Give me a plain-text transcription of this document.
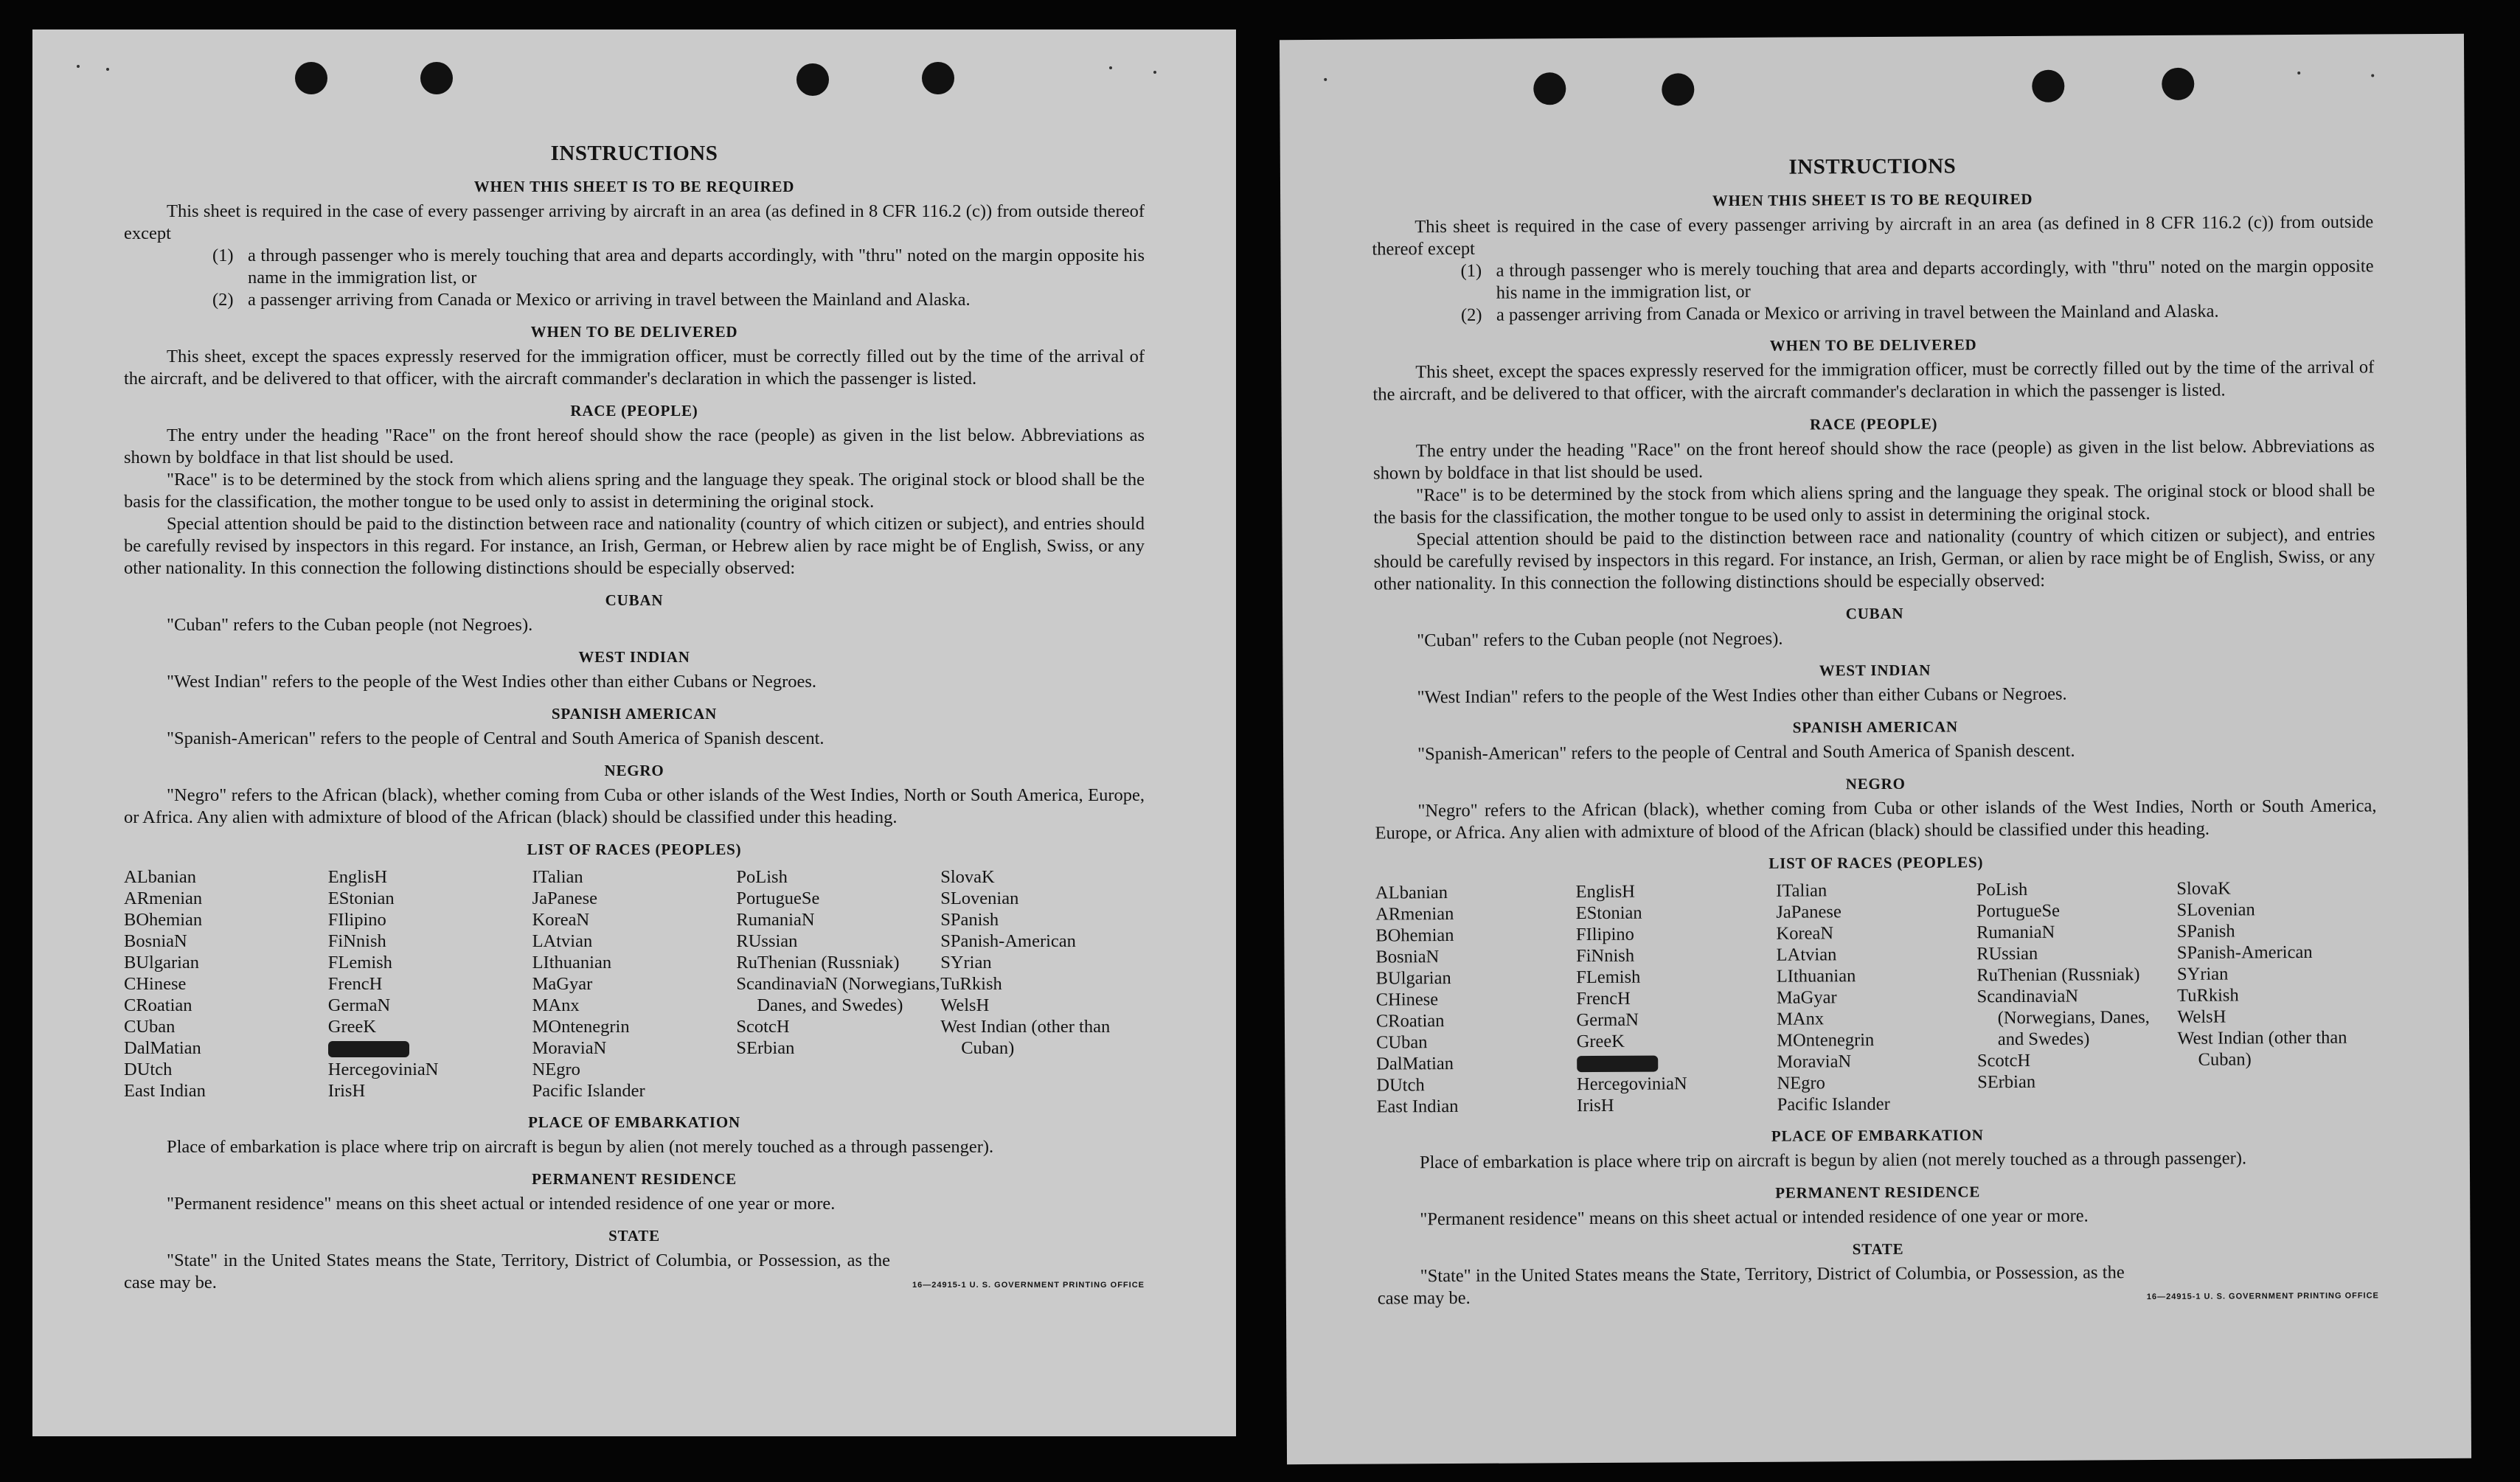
INSTRUCTIONS
WHEN THIS SHEET IS TO BE REQUIRED

This sheet is required in the case of every passenger arriving by aircraft in an area (as defined in 8 CFR 116.2 (c)) from outside thereof except

(1) a through passenger who is merely touching that area and departs accordingly, with "thru" noted on the margin opposite his name in the immigration list, or
(2) a passenger arriving from Canada or Mexico or arriving in travel between the Mainland and Alaska.
WHEN TO BE DELIVERED

This sheet, except the spaces expressly reserved for the immigration officer, must be correctly filled out by the time of the arrival of the aircraft, and be delivered to that officer, with the aircraft commander's declaration in which the passenger is listed.

RACE (PEOPLE)

The entry under the heading "Race" on the front hereof should show the race (people) as given in the list below. Abbreviations as shown by boldface in that list should be used.

"Race" is to be determined by the stock from which aliens spring and the language they speak. The original stock or blood shall be the basis for the classification, the mother tongue to be used only to assist in determining the original stock.

Special attention should be paid to the distinction between race and nationality (country of which citizen or subject), and entries should be carefully revised by inspectors in this regard. For instance, an Irish, German, or Hebrew alien by race might be of English, Swiss, or any other nationality. In this connection the following distinctions should be especially observed:

CUBAN

"Cuban" refers to the Cuban people (not Negroes).

WEST INDIAN

"West Indian" refers to the people of the West Indies other than either Cubans or Negroes.

SPANISH AMERICAN

"Spanish-American" refers to the people of Central and South America of Spanish descent.

NEGRO

"Negro" refers to the African (black), whether coming from Cuba or other islands of the West Indies, North or South America, Europe, or Africa. Any alien with admixture of blood of the African (black) should be classified under this heading.

LIST OF RACES (PEOPLES)
ALbanian
ARmenian
BOhemian
BosniaN
BUlgarian
CHinese
CRoatian
CUban
DalMatian
DUtch
East Indian
EnglisH
EStonian
FIlipino
FiNnish
FLemish
FrencH
GermaN
GreeK
HercegoviniaN
IrisH
ITalian
JaPanese
KoreaN
LAtvian
LIthuanian
MaGyar
MAnx
MOntenegrin
MoraviaN
NEgro
Pacific Islander
PoLish
PortugueSe
RumaniaN
RUssian
RuThenian (Russniak)
ScandinaviaN (Norwegians, Danes, and Swedes)
ScotcH
SErbian
SlovaK
SLovenian
SPanish
SPanish-American
SYrian
TuRkish
WelsH
West Indian (other than Cuban)
PLACE OF EMBARKATION

Place of embarkation is place where trip on aircraft is begun by alien (not merely touched as a through passenger).

PERMANENT RESIDENCE

"Permanent residence" means on this sheet actual or intended residence of one year or more.

STATE

"State" in the United States means the State, Territory, District of Columbia, or Possession, as the case may be.	16—24915-1 U. S. GOVERNMENT PRINTING OFFICE
INSTRUCTIONS
WHEN THIS SHEET IS TO BE REQUIRED

This sheet is required in the case of every passenger arriving by aircraft in an area (as defined in 8 CFR 116.2 (c)) from outside thereof except

(1) a through passenger who is merely touching that area and departs accordingly, with "thru" noted on the margin opposite his name in the immigration list, or
(2) a passenger arriving from Canada or Mexico or arriving in travel between the Mainland and Alaska.
WHEN TO BE DELIVERED

This sheet, except the spaces expressly reserved for the immigration officer, must be correctly filled out by the time of the arrival of the aircraft, and be delivered to that officer, with the aircraft commander's declaration in which the passenger is listed.

RACE (PEOPLE)

The entry under the heading "Race" on the front hereof should show the race (people) as given in the list below. Abbreviations as shown by boldface in that list should be used.

"Race" is to be determined by the stock from which aliens spring and the language they speak. The original stock or blood shall be the basis for the classification, the mother tongue to be used only to assist in determining the original stock.

Special attention should be paid to the distinction between race and nationality (country of which citizen or subject), and entries should be carefully revised by inspectors in this regard. For instance, an Irish, German, or alien by race might be of English, Swiss, or any other nationality. In this connection the following distinctions should be especially observed:

CUBAN

"Cuban" refers to the Cuban people (not Negroes).

WEST INDIAN

"West Indian" refers to the people of the West Indies other than either Cubans or Negroes.

SPANISH AMERICAN

"Spanish-American" refers to the people of Central and South America of Spanish descent.

NEGRO

"Negro" refers to the African (black), whether coming from Cuba or other islands of the West Indies, North or South America, Europe, or Africa. Any alien with admixture of blood of the African (black) should be classified under this heading.

LIST OF RACES (PEOPLES)
ALbanian
ARmenian
BOhemian
BosniaN
BUlgarian
CHinese
CRoatian
CUban
DalMatian
DUtch
East Indian
EnglisH
EStonian
FIlipino
FiNnish
FLemish
FrencH
GermaN
GreeK
HercegoviniaN
IrisH
ITalian
JaPanese
KoreaN
LAtvian
LIthuanian
MaGyar
MAnx
MOntenegrin
MoraviaN
NEgro
Pacific Islander
PoLish
PortugueSe
RumaniaN
RUssian
RuThenian (Russniak)
ScandinaviaN (Norwegians, Danes, and Swedes)
ScotcH
SErbian
SlovaK
SLovenian
SPanish
SPanish-American
SYrian
TuRkish
WelsH
West Indian (other than Cuban)
PLACE OF EMBARKATION

Place of embarkation is place where trip on aircraft is begun by alien (not merely touched as a through passenger).

PERMANENT RESIDENCE

"Permanent residence" means on this sheet actual or intended residence of one year or more.

STATE

"State" in the United States means the State, Territory, District of Columbia, or Possession, as the case may be.	16—24915-1 U. S. GOVERNMENT PRINTING OFFICE
